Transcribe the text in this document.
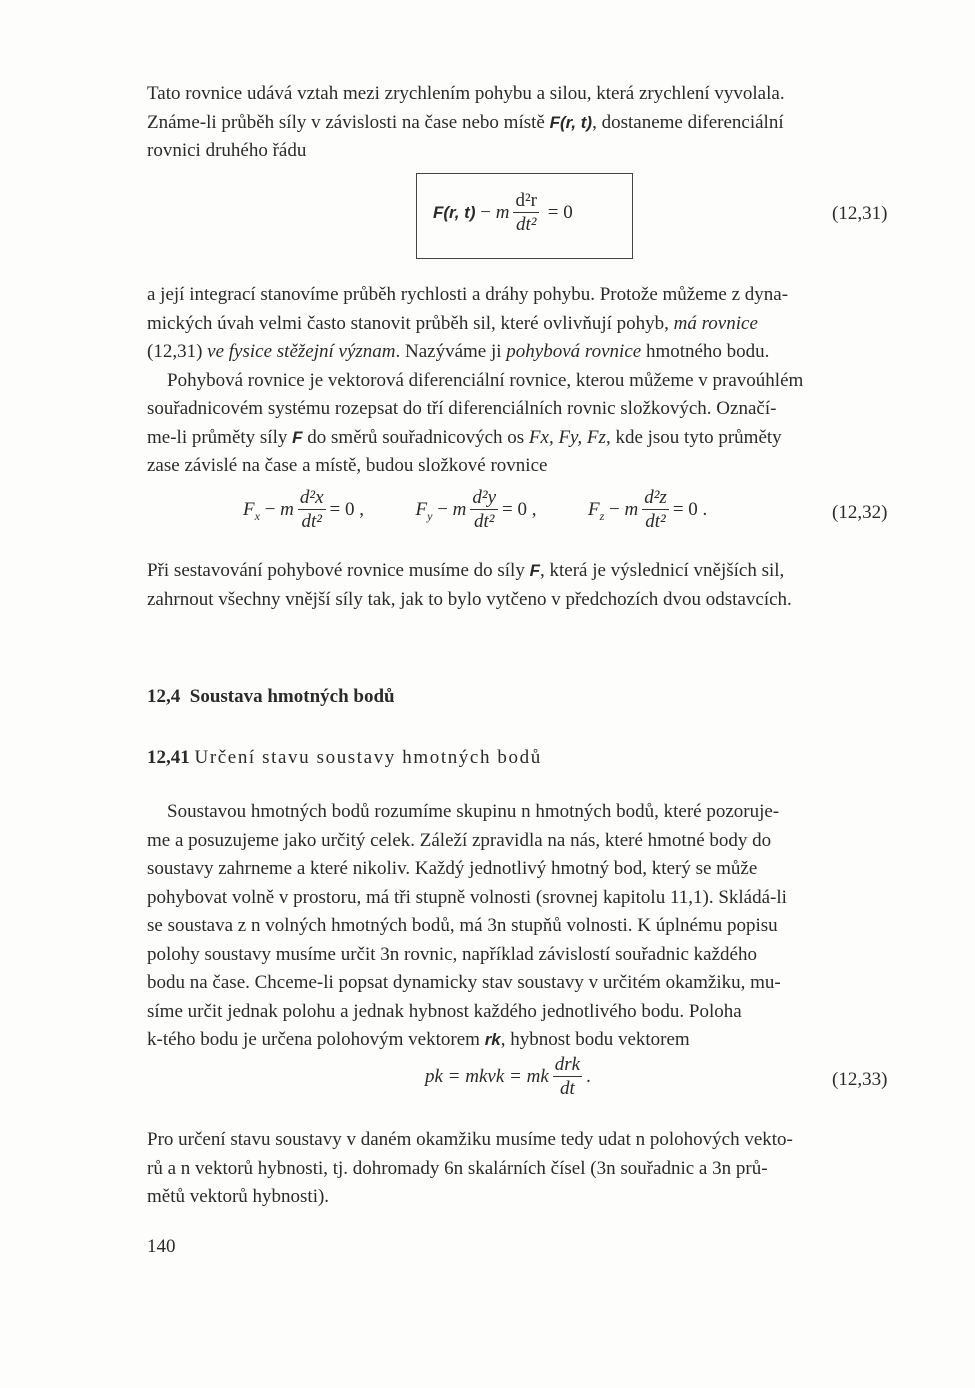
Tato rovnice udává vztah mezi zrychlením pohybu a silou, která zrychlení vyvolala.

Známe-li průběh síly v závislosti na čase nebo místě F(r, t), dostaneme diferenciální

rovnici druhého řádu

F(r, t) − m $\frac{\text{d²r}}{\text{dt²}} = 0$	(12,31)

a její integrací stanovíme průběh rychlosti a dráhy pohybu. Protože můžeme z dyna-

mických úvah velmi často stanovit průběh sil, které ovlivňují pohyb, má rovnice

(12,31) ve fysice stěžejní význam. Nazýváme ji pohybová rovnice hmotného bodu.

Pohybová rovnice je vektorová diferenciální rovnice, kterou můžeme v pravoúhlém

souřadnicovém systému rozepsat do tří diferenciálních rovnic složkových. Označí-

me-li průměty síly F do směrů souřadnicových os Fx, Fy, Fz, kde jsou tyto průměty

zase závislé na čase a místě, budou složkové rovnice

$F_x - m \frac{\text{d²x}}{\text{dt²}} = 0$ ,	$F_y - m \frac{\text{d²y}}{\text{dt²}} = 0$ ,	$F_z - m \frac{\text{d²z}}{\text{dt²}} = 0$ .	(12,32)

Při sestavování pohybové rovnice musíme do síly F, která je výslednicí vnějších sil,

zahrnout všechny vnější síly tak, jak to bylo vytčeno v předchozích dvou odstavcích.

12,4 Soustava hmotných bodů
12,41 Určení stavu soustavy hmotných bodů

Soustavou hmotných bodů rozumíme skupinu n hmotných bodů, které pozoruje-

me a posuzujeme jako určitý celek. Záleží zpravidla na nás, které hmotné body do

soustavy zahrneme a které nikoliv. Každý jednotlivý hmotný bod, který se může

pohybovat volně v prostoru, má tři stupně volnosti (srovnej kapitolu 11,1). Skládá-li

se soustava z n volných hmotných bodů, má 3n stupňů volnosti. K úplnému popisu

polohy soustavy musíme určit 3n rovnic, například závislostí souřadnic každého

bodu na čase. Chceme-li popsat dynamicky stav soustavy v určitém okamžiku, mu-

síme určit jednak polohu a jednak hybnost každého jednotlivého bodu. Poloha

k-tého bodu je určena polohovým vektorem rk, hybnost bodu vektorem

pk = mkvk = mk $\frac{\text{drk}}{dt}$ .	(12,33)

Pro určení stavu soustavy v daném okamžiku musíme tedy udat n polohových vekto-

rů a n vektorů hybnosti, tj. dohromady 6n skalárních čísel (3n souřadnic a 3n prů-

mětů vektorů hybnosti).

140
